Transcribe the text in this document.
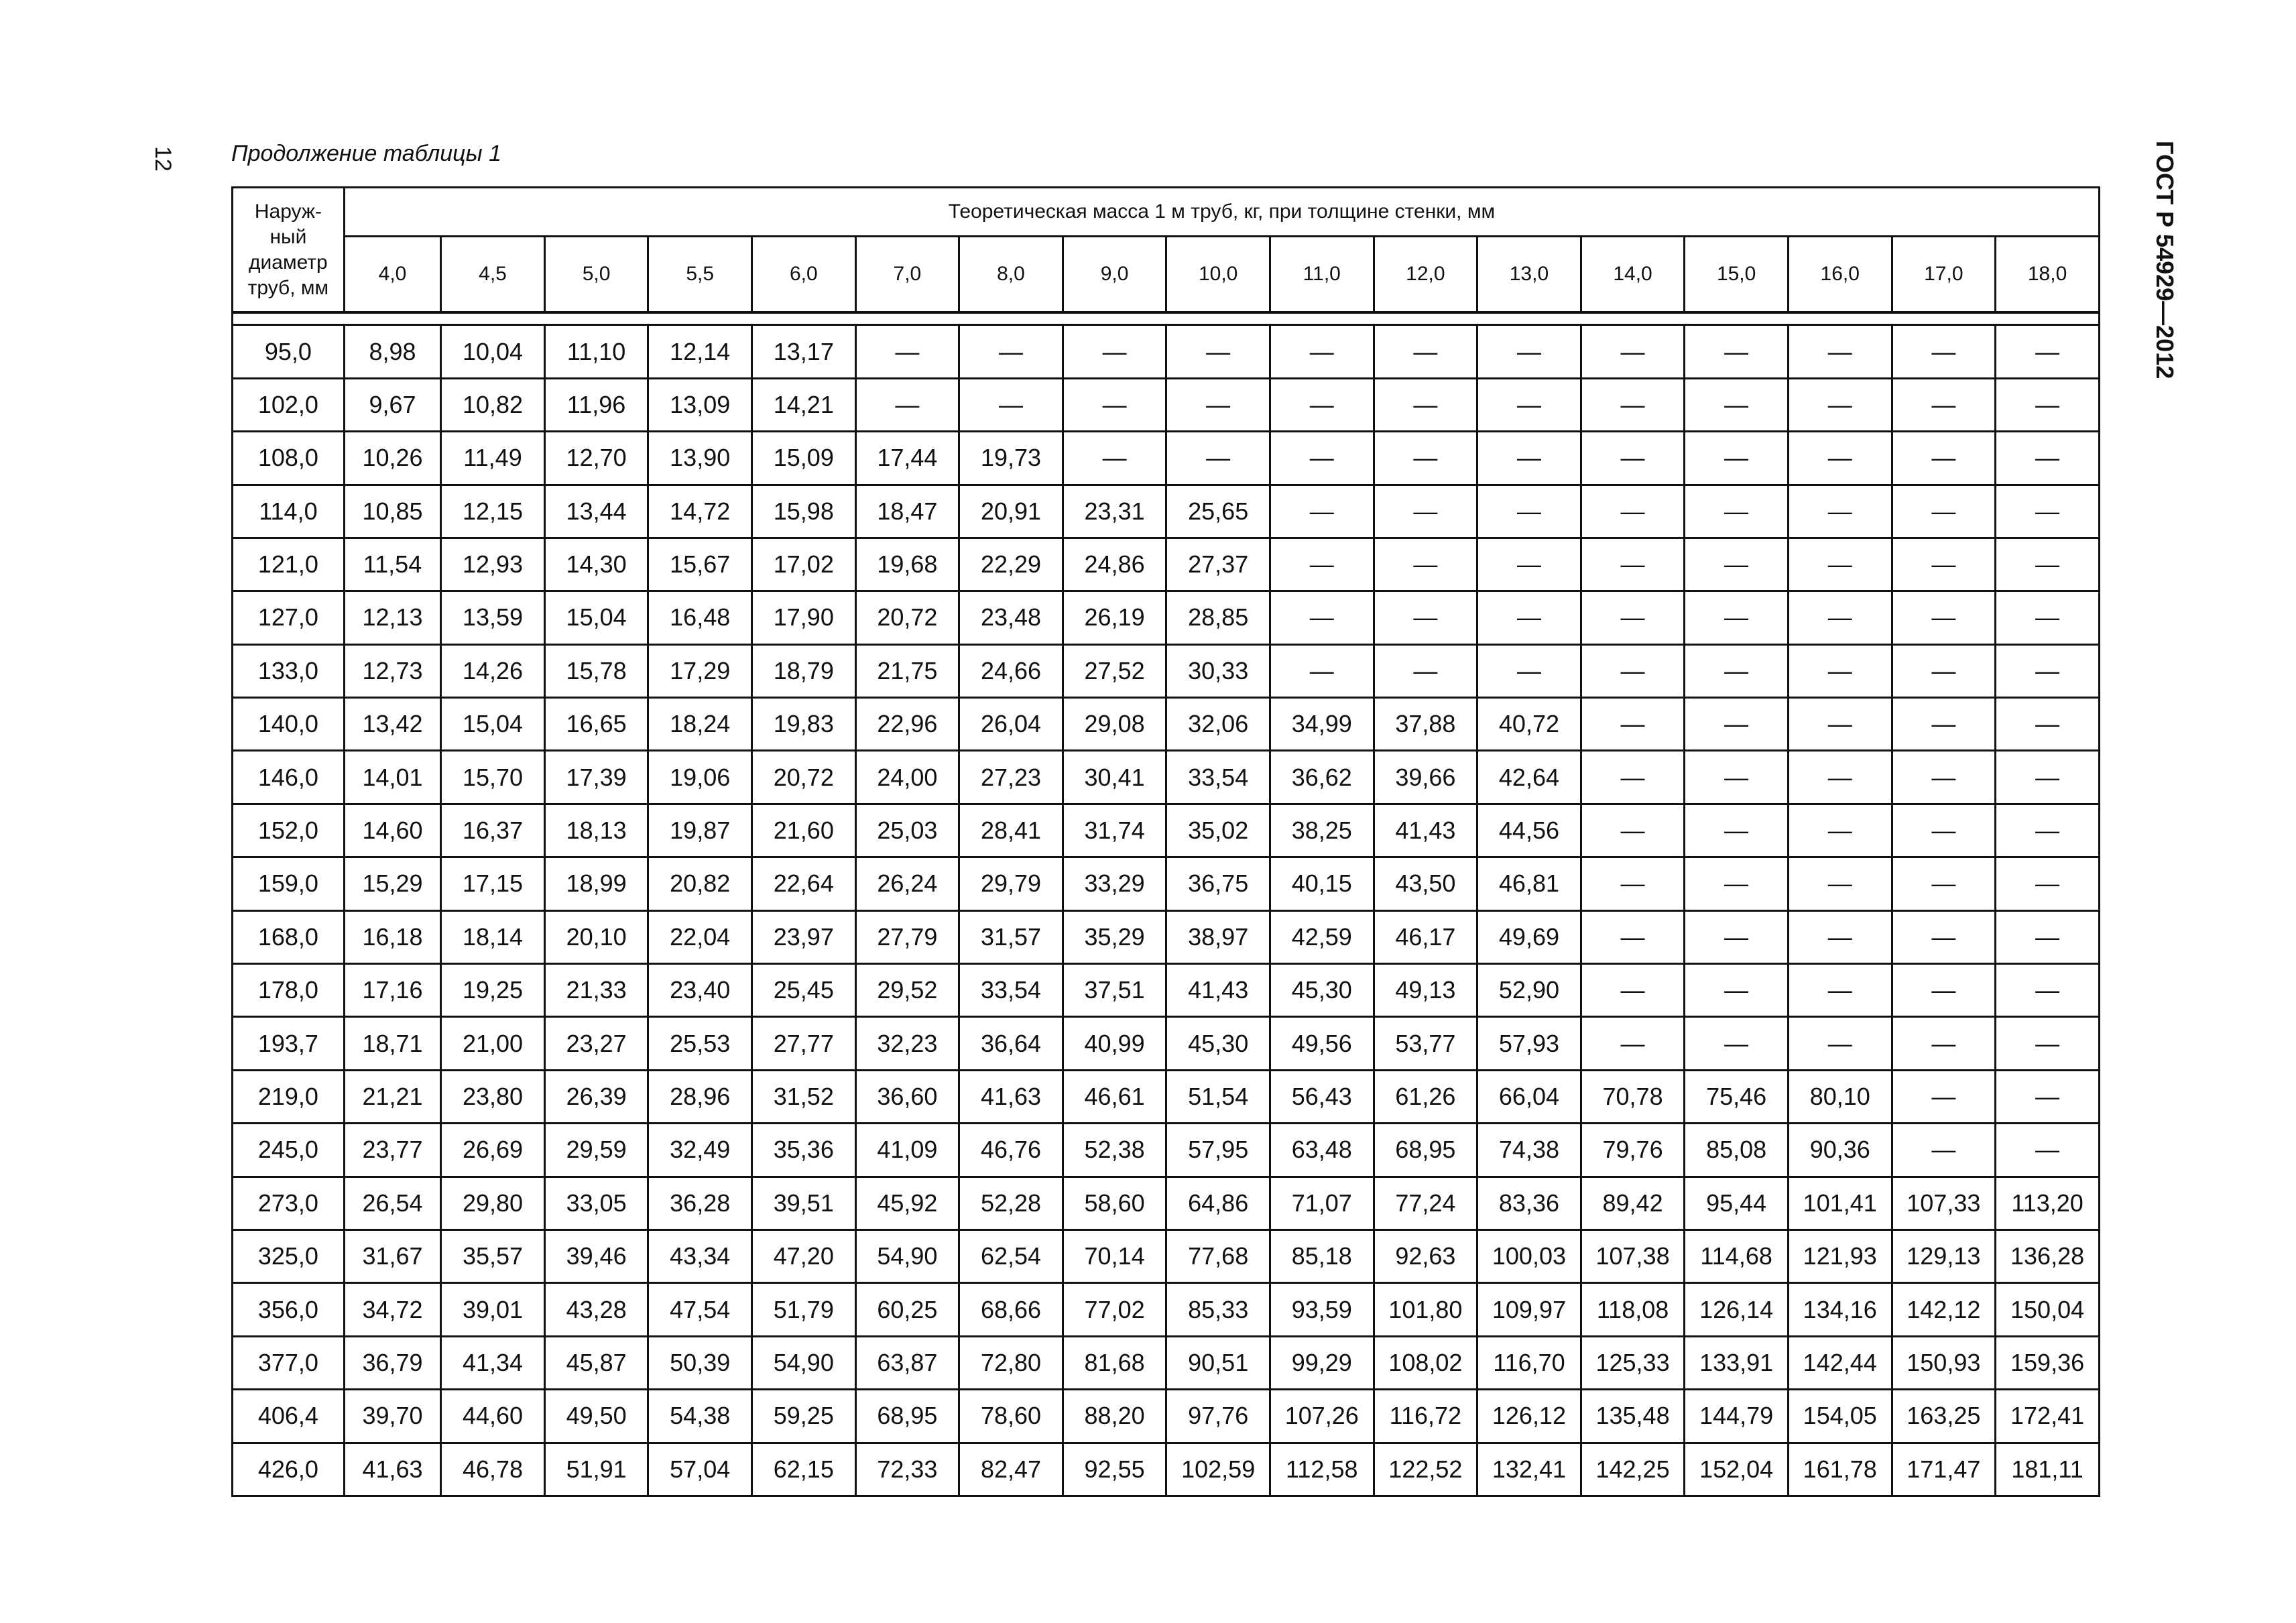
12	ГОСТ Р 54929—2012
Продолжение таблицы 1
Наруж-
ный
диаметр
труб, мм	Теоретическая масса 1 м труб, кг, при толщине стенки, мм																
	4,0	4,5	5,0	5,5	6,0	7,0	8,0	9,0	10,0	11,0	12,0	13,0	14,0	15,0	16,0	17,0	18,0

95,0	8,98	10,04	11,10	12,14	13,17	—	—	—	—	—	—	—	—	—	—	—	—
102,0	9,67	10,82	11,96	13,09	14,21	—	—	—	—	—	—	—	—	—	—	—	—
108,0	10,26	11,49	12,70	13,90	15,09	17,44	19,73	—	—	—	—	—	—	—	—	—	—
114,0	10,85	12,15	13,44	14,72	15,98	18,47	20,91	23,31	25,65	—	—	—	—	—	—	—	—
121,0	11,54	12,93	14,30	15,67	17,02	19,68	22,29	24,86	27,37	—	—	—	—	—	—	—	—
127,0	12,13	13,59	15,04	16,48	17,90	20,72	23,48	26,19	28,85	—	—	—	—	—	—	—	—
133,0	12,73	14,26	15,78	17,29	18,79	21,75	24,66	27,52	30,33	—	—	—	—	—	—	—	—
140,0	13,42	15,04	16,65	18,24	19,83	22,96	26,04	29,08	32,06	34,99	37,88	40,72	—	—	—	—	—
146,0	14,01	15,70	17,39	19,06	20,72	24,00	27,23	30,41	33,54	36,62	39,66	42,64	—	—	—	—	—
152,0	14,60	16,37	18,13	19,87	21,60	25,03	28,41	31,74	35,02	38,25	41,43	44,56	—	—	—	—	—
159,0	15,29	17,15	18,99	20,82	22,64	26,24	29,79	33,29	36,75	40,15	43,50	46,81	—	—	—	—	—
168,0	16,18	18,14	20,10	22,04	23,97	27,79	31,57	35,29	38,97	42,59	46,17	49,69	—	—	—	—	—
178,0	17,16	19,25	21,33	23,40	25,45	29,52	33,54	37,51	41,43	45,30	49,13	52,90	—	—	—	—	—
193,7	18,71	21,00	23,27	25,53	27,77	32,23	36,64	40,99	45,30	49,56	53,77	57,93	—	—	—	—	—
219,0	21,21	23,80	26,39	28,96	31,52	36,60	41,63	46,61	51,54	56,43	61,26	66,04	70,78	75,46	80,10	—	—
245,0	23,77	26,69	29,59	32,49	35,36	41,09	46,76	52,38	57,95	63,48	68,95	74,38	79,76	85,08	90,36	—	—
273,0	26,54	29,80	33,05	36,28	39,51	45,92	52,28	58,60	64,86	71,07	77,24	83,36	89,42	95,44	101,41	107,33	113,20
325,0	31,67	35,57	39,46	43,34	47,20	54,90	62,54	70,14	77,68	85,18	92,63	100,03	107,38	114,68	121,93	129,13	136,28
356,0	34,72	39,01	43,28	47,54	51,79	60,25	68,66	77,02	85,33	93,59	101,80	109,97	118,08	126,14	134,16	142,12	150,04
377,0	36,79	41,34	45,87	50,39	54,90	63,87	72,80	81,68	90,51	99,29	108,02	116,70	125,33	133,91	142,44	150,93	159,36
406,4	39,70	44,60	49,50	54,38	59,25	68,95	78,60	88,20	97,76	107,26	116,72	126,12	135,48	144,79	154,05	163,25	172,41
426,0	41,63	46,78	51,91	57,04	62,15	72,33	82,47	92,55	102,59	112,58	122,52	132,41	142,25	152,04	161,78	171,47	181,11
